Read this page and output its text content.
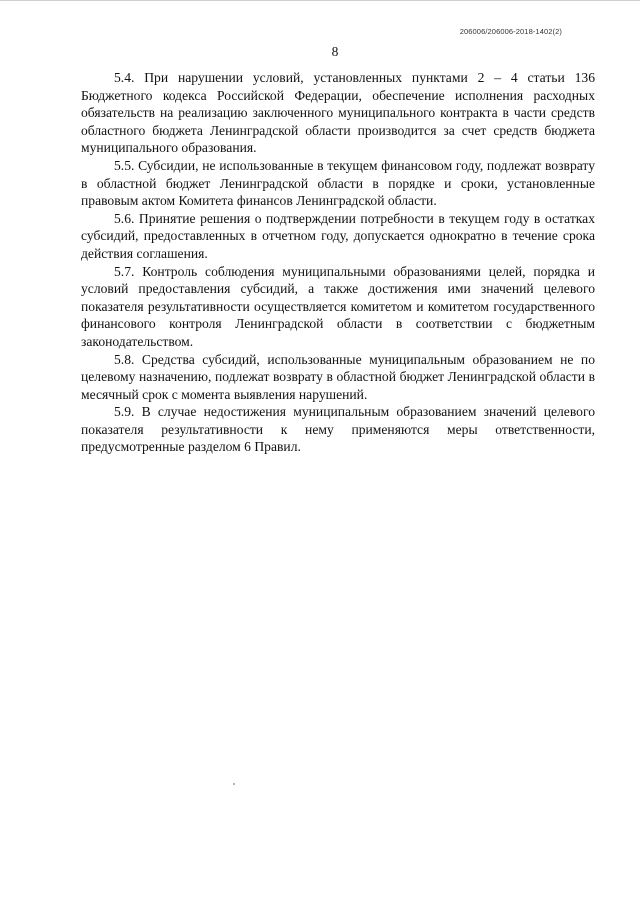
206006/206006-2018-1402(2)
8

5.4. При нарушении условий, установленных пунктами 2 – 4 статьи 136 Бюджетного кодекса Российской Федерации, обеспечение исполнения расходных обязательств на реализацию заключенного муниципального контракта в части средств областного бюджета Ленинградской области производится за счет средств бюджета муниципального образования.

5.5. Субсидии, не использованные в текущем финансовом году, подлежат возврату в областной бюджет Ленинградской области в порядке и сроки, установленные правовым актом Комитета финансов Ленинградской области.

5.6. Принятие решения о подтверждении потребности в текущем году в остатках субсидий, предоставленных в отчетном году, допускается однократно в течение срока действия соглашения.

5.7. Контроль соблюдения муниципальными образованиями целей, порядка и условий предоставления субсидий, а также достижения ими значений целевого показателя результативности осуществляется комитетом и комитетом государственного финансового контроля Ленинградской области в соответствии с бюджетным законодательством.

5.8. Средства субсидий, использованные муниципальным образованием не по целевому назначению, подлежат возврату в областной бюджет Ленинградской области в месячный срок с момента выявления нарушений.

5.9. В случае недостижения муниципальным образованием значений целевого показателя результативности к нему применяются меры ответственности, предусмотренные разделом 6 Правил.
